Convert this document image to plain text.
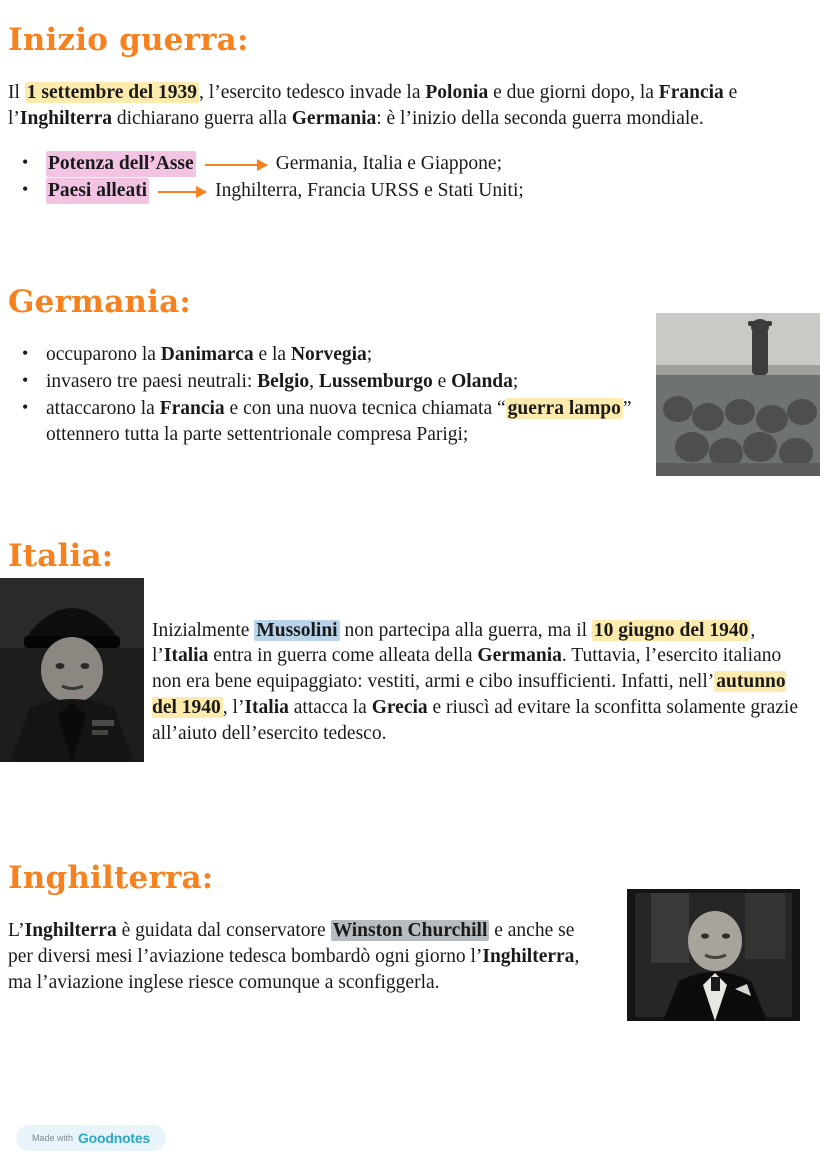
Inizio guerra:

Il 1 settembre del 1939 , l’esercito tedesco invade la Polonia e due giorni dopo, la Francia e l’Inghilterra dichiarano guerra alla Germania: è l’inizio della seconda guerra mondiale.

• Potenza dell’Asse	Germania, Italia e Giappone;
• Paesi alleati	Inghilterra, Francia URSS e Stati Uniti;
Germania:
• occuparono la Danimarca e la Norvegia;
• invasero tre paesi neutrali: Belgio, Lussemburgo e Olanda;
• attaccarono la Francia e con una nuova tecnica chiamata “ guerra lampo ” ottennero tutta la parte settentrionale compresa Parigi;
Italia:

Inizialmente Mussolini non partecipa alla guerra, ma il 10 giugno del 1940 , l’Italia entra in guerra come alleata della Germania. Tuttavia, l’esercito italiano non era bene equipaggiato: vestiti, armi e cibo insufficienti. Infatti, nell’ autunno del 1940 , l’Italia attacca la Grecia e riuscì ad evitare la sconfitta solamente grazie all’aiuto dell’esercito tedesco.

Inghilterra:

L’Inghilterra è guidata dal conservatore Winston Churchill e anche se per diversi mesi l’aviazione tedesca bombardò ogni giorno l’Inghilterra, ma l’aviazione inglese riesce comunque a sconfiggerla.

Made with Goodnotes
